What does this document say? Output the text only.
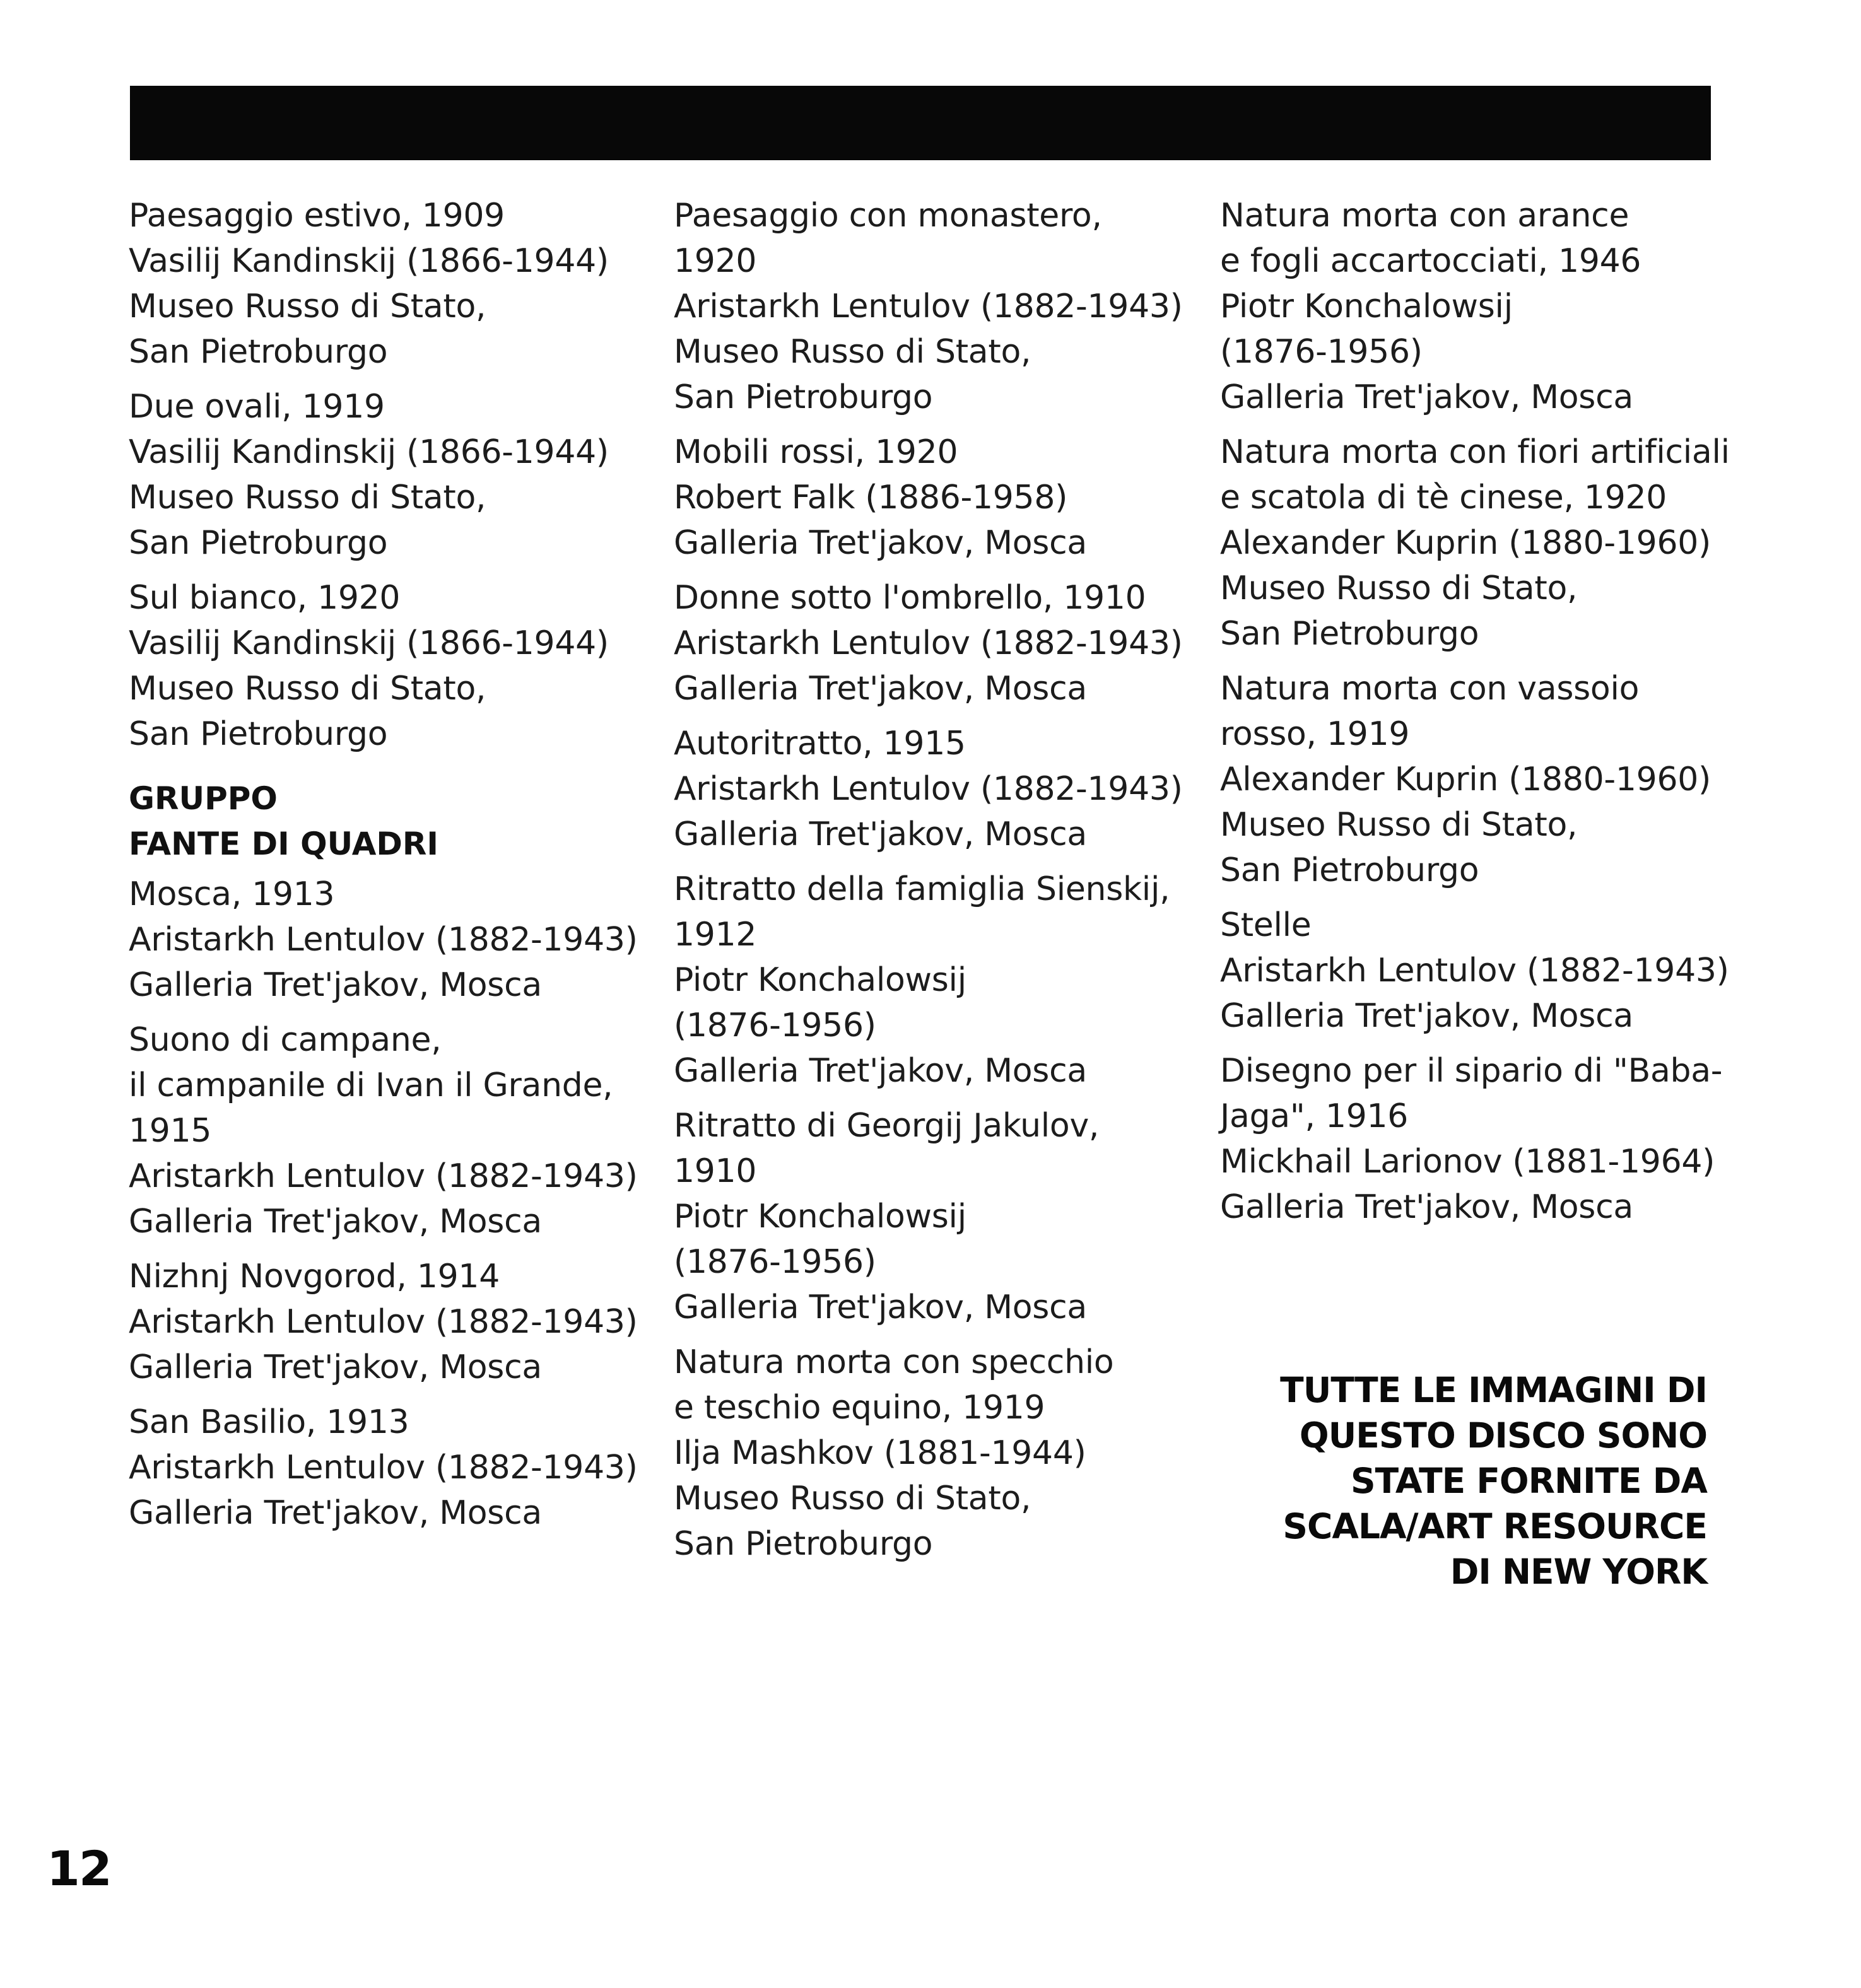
Paesaggio estivo, 1909
Vasilij Kandinskij (1866-1944)
Museo Russo di Stato,
San Pietroburgo
Due ovali, 1919
Vasilij Kandinskij (1866-1944)
Museo Russo di Stato,
San Pietroburgo
Sul bianco, 1920
Vasilij Kandinskij (1866-1944)
Museo Russo di Stato,
San Pietroburgo
GRUPPO
FANTE DI QUADRI
Mosca, 1913
Aristarkh Lentulov (1882-1943)
Galleria Tret'jakov, Mosca
Suono di campane,
il campanile di Ivan il Grande,
1915
Aristarkh Lentulov (1882-1943)
Galleria Tret'jakov, Mosca
Nizhnj Novgorod, 1914
Aristarkh Lentulov (1882-1943)
Galleria Tret'jakov, Mosca
San Basilio, 1913
Aristarkh Lentulov (1882-1943)
Galleria Tret'jakov, Mosca
Paesaggio con monastero,
1920
Aristarkh Lentulov (1882-1943)
Museo Russo di Stato,
San Pietroburgo
Mobili rossi, 1920
Robert Falk (1886-1958)
Galleria Tret'jakov, Mosca
Donne sotto l'ombrello, 1910
Aristarkh Lentulov (1882-1943)
Galleria Tret'jakov, Mosca
Autoritratto, 1915
Aristarkh Lentulov (1882-1943)
Galleria Tret'jakov, Mosca
Ritratto della famiglia Sienskij,
1912
Piotr Konchalowsij
(1876-1956)
Galleria Tret'jakov, Mosca
Ritratto di Georgij Jakulov,
1910
Piotr Konchalowsij
(1876-1956)
Galleria Tret'jakov, Mosca
Natura morta con specchio
e teschio equino, 1919
Ilja Mashkov (1881-1944)
Museo Russo di Stato,
San Pietroburgo
Natura morta con arance
e fogli accartocciati, 1946
Piotr Konchalowsij
(1876-1956)
Galleria Tret'jakov, Mosca
Natura morta con fiori artificiali
e scatola di tè cinese, 1920
Alexander Kuprin (1880-1960)
Museo Russo di Stato,
San Pietroburgo
Natura morta con vassoio
rosso, 1919
Alexander Kuprin (1880-1960)
Museo Russo di Stato,
San Pietroburgo
Stelle
Aristarkh Lentulov (1882-1943)
Galleria Tret'jakov, Mosca
Disegno per il sipario di "Baba-
Jaga", 1916
Mickhail Larionov (1881-1964)
Galleria Tret'jakov, Mosca
TUTTE LE IMMAGINI DI
QUESTO DISCO SONO
STATE FORNITE DA
SCALA/ART RESOURCE
DI NEW YORK
12
